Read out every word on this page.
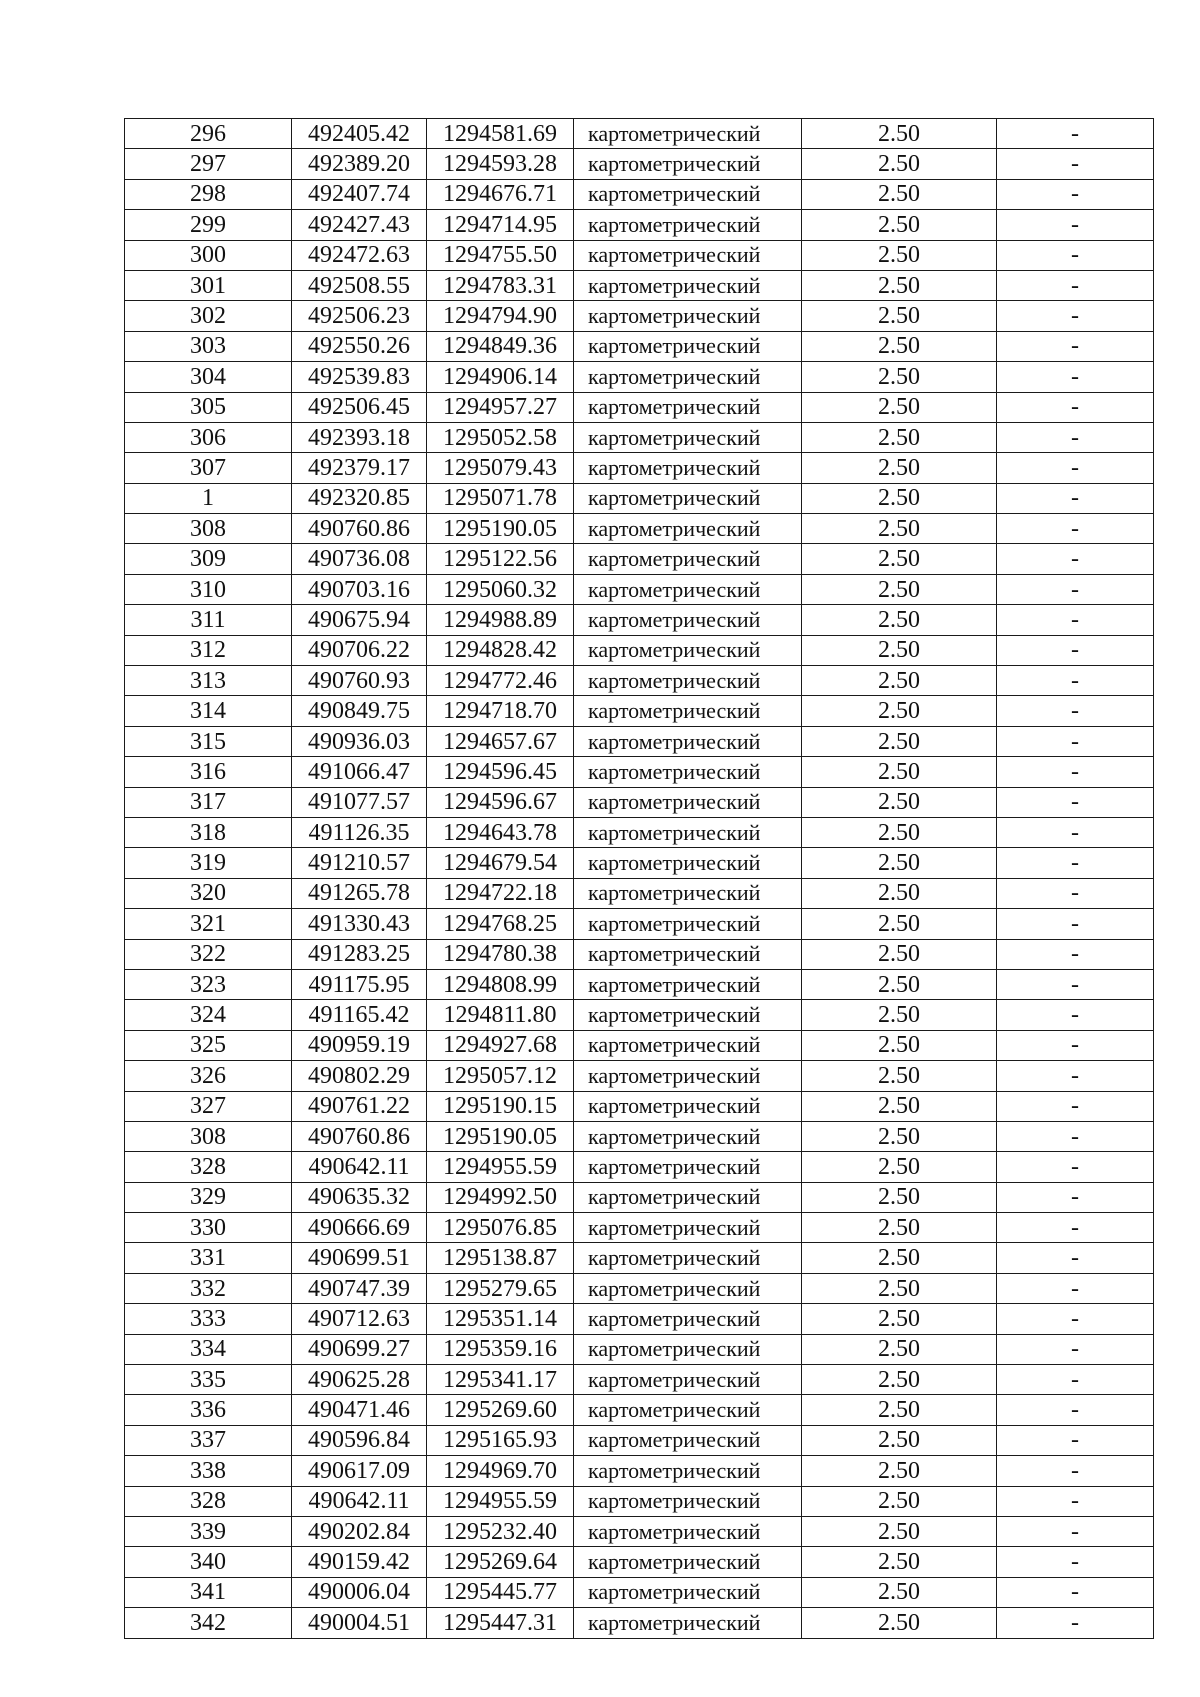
296	492405.42	1294581.69	картометрический	2.50	-
297	492389.20	1294593.28	картометрический	2.50	-
298	492407.74	1294676.71	картометрический	2.50	-
299	492427.43	1294714.95	картометрический	2.50	-
300	492472.63	1294755.50	картометрический	2.50	-
301	492508.55	1294783.31	картометрический	2.50	-
302	492506.23	1294794.90	картометрический	2.50	-
303	492550.26	1294849.36	картометрический	2.50	-
304	492539.83	1294906.14	картометрический	2.50	-
305	492506.45	1294957.27	картометрический	2.50	-
306	492393.18	1295052.58	картометрический	2.50	-
307	492379.17	1295079.43	картометрический	2.50	-
1	492320.85	1295071.78	картометрический	2.50	-
308	490760.86	1295190.05	картометрический	2.50	-
309	490736.08	1295122.56	картометрический	2.50	-
310	490703.16	1295060.32	картометрический	2.50	-
311	490675.94	1294988.89	картометрический	2.50	-
312	490706.22	1294828.42	картометрический	2.50	-
313	490760.93	1294772.46	картометрический	2.50	-
314	490849.75	1294718.70	картометрический	2.50	-
315	490936.03	1294657.67	картометрический	2.50	-
316	491066.47	1294596.45	картометрический	2.50	-
317	491077.57	1294596.67	картометрический	2.50	-
318	491126.35	1294643.78	картометрический	2.50	-
319	491210.57	1294679.54	картометрический	2.50	-
320	491265.78	1294722.18	картометрический	2.50	-
321	491330.43	1294768.25	картометрический	2.50	-
322	491283.25	1294780.38	картометрический	2.50	-
323	491175.95	1294808.99	картометрический	2.50	-
324	491165.42	1294811.80	картометрический	2.50	-
325	490959.19	1294927.68	картометрический	2.50	-
326	490802.29	1295057.12	картометрический	2.50	-
327	490761.22	1295190.15	картометрический	2.50	-
308	490760.86	1295190.05	картометрический	2.50	-
328	490642.11	1294955.59	картометрический	2.50	-
329	490635.32	1294992.50	картометрический	2.50	-
330	490666.69	1295076.85	картометрический	2.50	-
331	490699.51	1295138.87	картометрический	2.50	-
332	490747.39	1295279.65	картометрический	2.50	-
333	490712.63	1295351.14	картометрический	2.50	-
334	490699.27	1295359.16	картометрический	2.50	-
335	490625.28	1295341.17	картометрический	2.50	-
336	490471.46	1295269.60	картометрический	2.50	-
337	490596.84	1295165.93	картометрический	2.50	-
338	490617.09	1294969.70	картометрический	2.50	-
328	490642.11	1294955.59	картометрический	2.50	-
339	490202.84	1295232.40	картометрический	2.50	-
340	490159.42	1295269.64	картометрический	2.50	-
341	490006.04	1295445.77	картометрический	2.50	-
342	490004.51	1295447.31	картометрический	2.50	-
